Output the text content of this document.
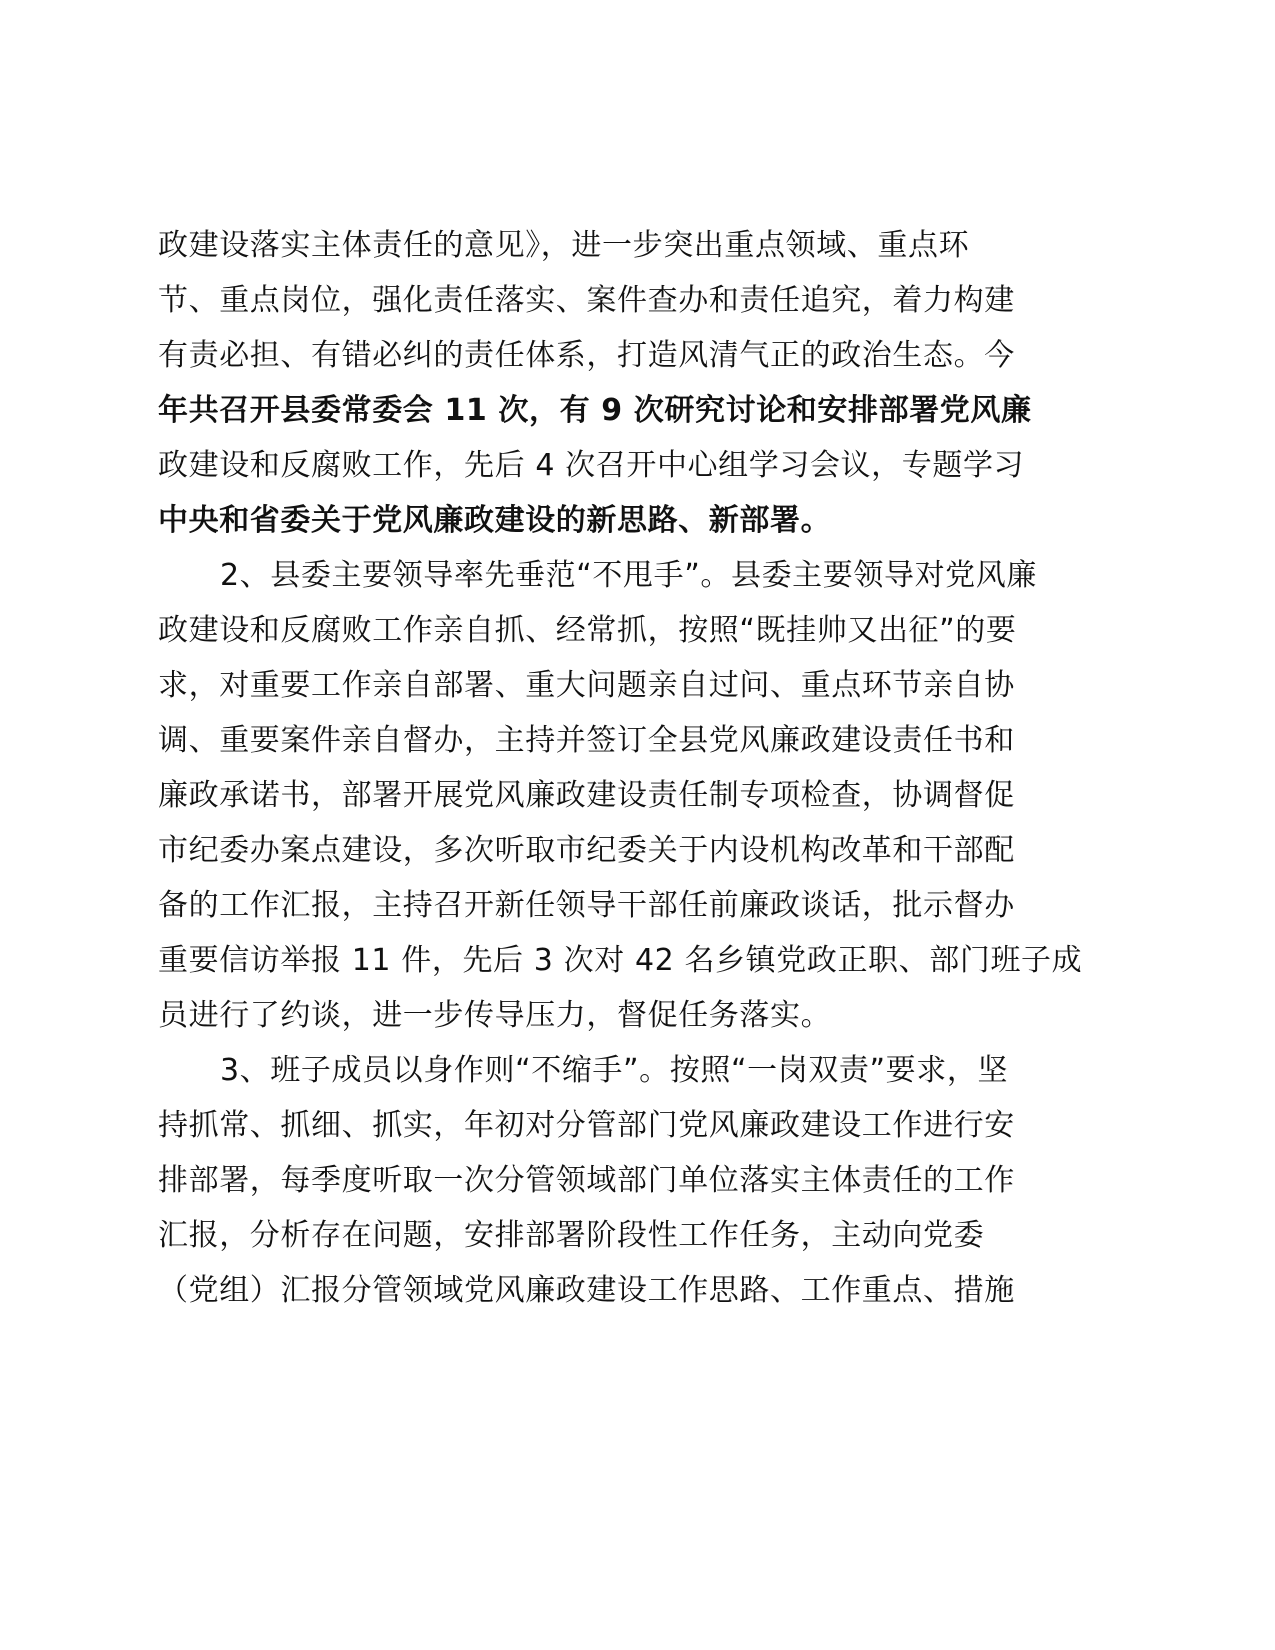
政建设落实主体责任的意见》，进一步突出重点领域、重点环
节、重点岗位，强化责任落实、案件查办和责任追究，着力构建
有责必担、有错必纠的责任体系，打造风清气正的政治生态。今
年共召开县委常委会 11 次，有 9 次研究讨论和安排部署党风廉
政建设和反腐败工作，先后 4 次召开中心组学习会议，专题学习
中央和省委关于党风廉政建设的新思路、新部署。
2、县委主要领导率先垂范“不甩手”。县委主要领导对党风廉
政建设和反腐败工作亲自抓、经常抓，按照“既挂帅又出征”的要
求，对重要工作亲自部署、重大问题亲自过问、重点环节亲自协
调、重要案件亲自督办，主持并签订全县党风廉政建设责任书和
廉政承诺书，部署开展党风廉政建设责任制专项检查，协调督促
市纪委办案点建设，多次听取市纪委关于内设机构改革和干部配
备的工作汇报，主持召开新任领导干部任前廉政谈话，批示督办
重要信访举报 11 件，先后 3 次对 42 名乡镇党政正职、部门班子成
员进行了约谈，进一步传导压力，督促任务落实。
3、班子成员以身作则“不缩手”。按照“一岗双责”要求，坚
持抓常、抓细、抓实，年初对分管部门党风廉政建设工作进行安
排部署，每季度听取一次分管领域部门单位落实主体责任的工作
汇报，分析存在问题，安排部署阶段性工作任务，主动向党委
（党组）汇报分管领域党风廉政建设工作思路、工作重点、措施
